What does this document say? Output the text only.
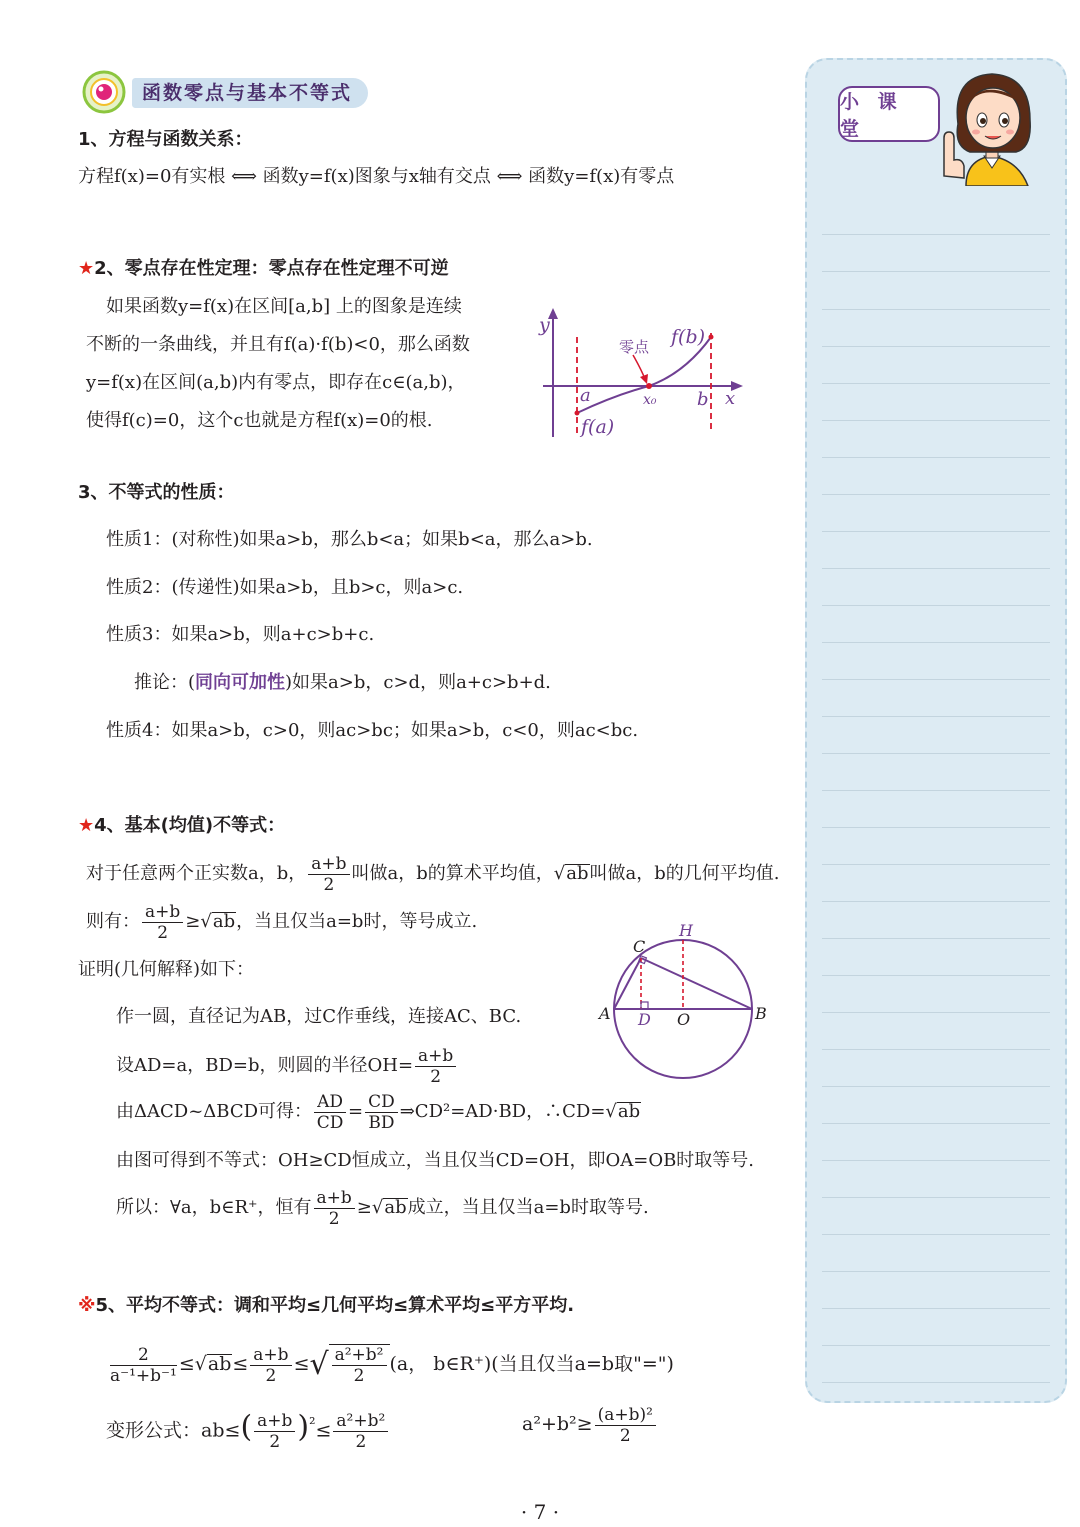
函数零点与基本不等式	小 课 堂
1、方程与函数关系：
方程f(x)=0有实根 ⟺ 函数y=f(x)图象与x轴有交点 ⟺ 函数y=f(x)有零点
★2、零点存在性定理：零点存在性定理不可逆
如果函数y=f(x)在区间[a,b] 上的图象是连续
不断的一条曲线，并且有f(a)·f(b)<0，那么函数
y=f(x)在区间(a,b)内有零点，即存在c∈(a,b)，
使得f(c)=0，这个c也就是方程f(x)=0的根.
y
x
a	b
x₀
f(a)
f(b)
零点
3、不等式的性质：
性质1：(对称性)如果a>b，那么b<a；如果b<a，那么a>b.
性质2：(传递性)如果a>b，且b>c，则a>c.
性质3：如果a>b，则a+c>b+c.
推论：(同向可加性)如果a>b，c>d，则a+c>b+d.
性质4：如果a>b，c>0，则ac>bc；如果a>b，c<0，则ac<bc.
★4、基本(均值)不等式：
对于任意两个正实数a，b， $\frac{a+b}{2}$ 叫做a，b的算术平均值，√ab叫做a，b的几何平均值.
则有： $\frac{a+b}{2} \ge√ab$，当且仅当a=b时，等号成立.
证明(几何解释)如下：
作一圆，直径记为AB，过C作垂线，连接AC、BC.
设AD=a，BD=b，则圆的半径$OH= \frac{a+b}{2}$
由ΔACD~ΔBCD可得： $\frac{AD}{CD} = \frac{CD}{BD}$ ⇒CD²=AD·BD，∴CD=√ab
由图可得到不等式：OH≥CD恒成立，当且仅当CD=OH，即OA=OB时取等号.
所以：∀a，b∈R⁺，恒有 $\frac{a+b}{2} \ge√ab$成立，当且仅当a=b时取等号.
A	B
C
D O
H
※5、平均不等式：调和平均≤几何平均≤算术平均≤平方平均.
$\frac{2}{\text{a⁻¹+b⁻¹}} \le√ab\le \frac{a+b}{2}$ ≤√ $\frac{\text{a²+b²}}{2} (a$， b∈R⁺)(当且仅当a=b取"=")
变形公式：$ab\le( \frac{a+b}{2} )^{^2}\le \frac{\text{a²+b²}}{2}$	$a^2+b^2\ge \frac{\text{(a+b)²}}{2}$
· 7 ·
